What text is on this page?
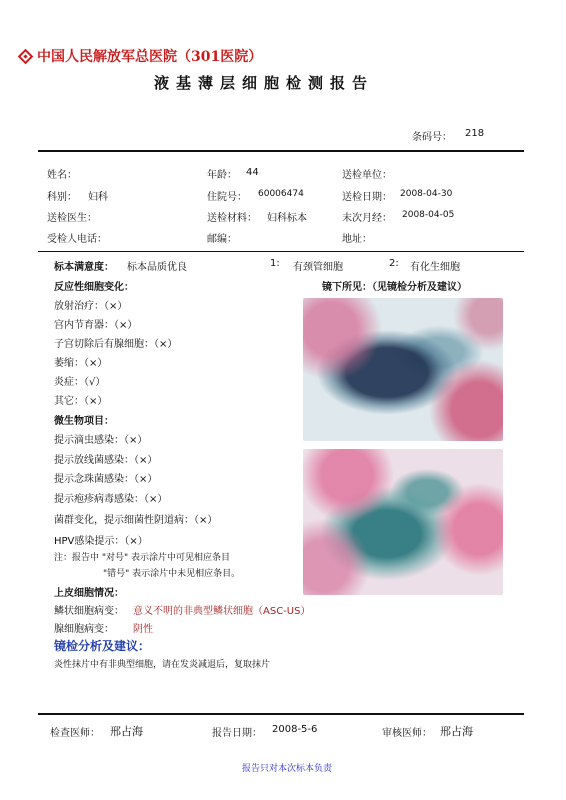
中国人民解放军总医院（301医院）
液基薄层细胞检测报告
条码号： 218
姓名：	年龄： 44	送检单位：
科别： 妇科	住院号： 60006474	送检日期： 2008-04-30
送检医生：	送检材料： 妇科标本	末次月经： 2008-04-05
受检人电话：	邮编：	地址：
标本满意度： 标本品质优良	1: 有颈管细胞	2: 有化生细胞
镜下所见：（见镜检分析及建议）
反应性细胞变化：
放射治疗：（×）
宫内节育器：（×）
子宫切除后有腺细胞：（×）
萎缩：（×）
炎症：（√）
其它：（×）
微生物项目：
提示滴虫感染：（×）
提示放线菌感染：（×）
提示念珠菌感染：（×）
提示疱疹病毒感染：（×）
菌群变化，提示细菌性阴道病：（×）
HPV感染提示：（×）
注：报告中 "对号" 表示涂片中可见相应条目
"错号" 表示涂片中未见相应条目。
上皮细胞情况：
鳞状细胞病变： 意义不明的非典型鳞状细胞（ASC-US）
腺细胞病变： 阴性
镜检分析及建议：
炎性抹片中有非典型细胞，请在发炎减退后，复取抹片
检查医师： 邢占海	报告日期： 2008-5-6	审核医师： 邢占海
报告只对本次标本负责
